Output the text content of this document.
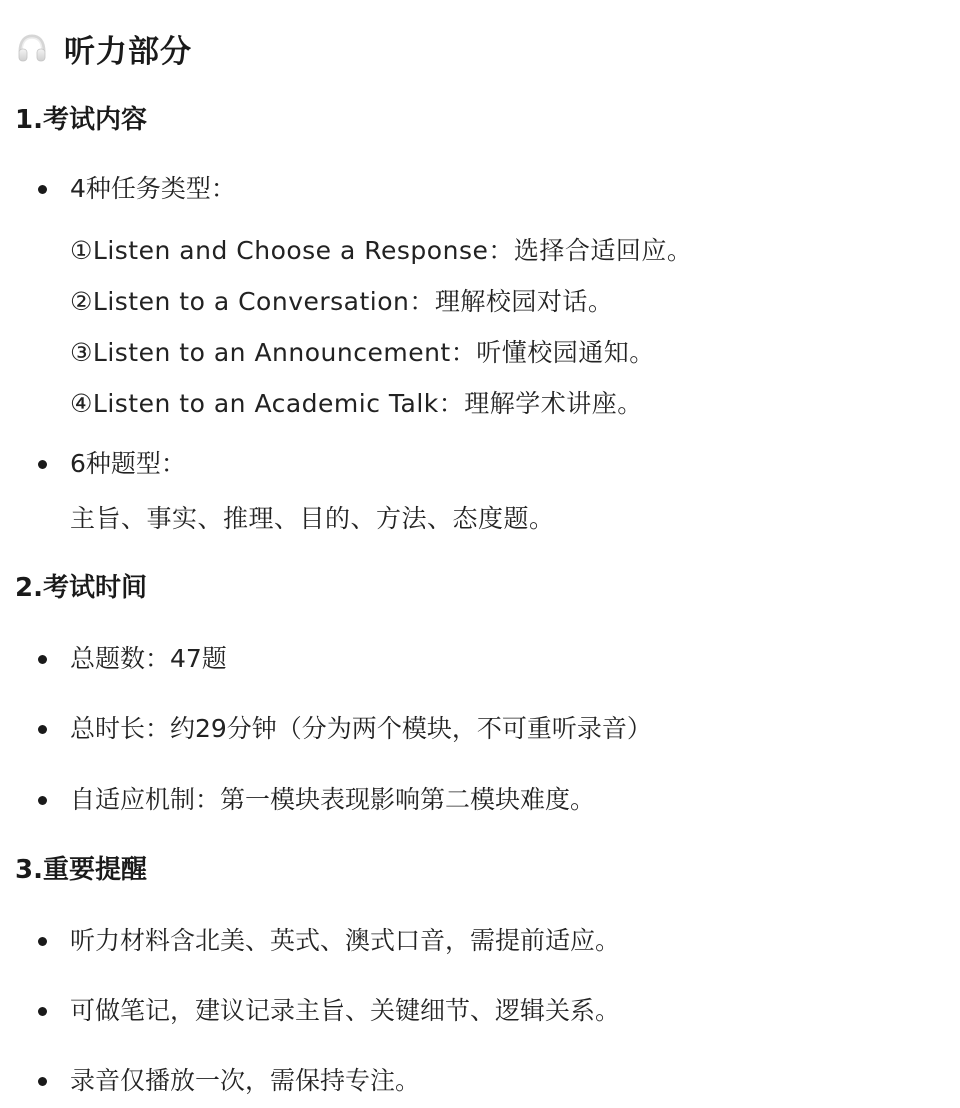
听力部分
1.考试内容
4种任务类型：
①Listen and Choose a Response：选择合适回应。
②Listen to a Conversation：理解校园对话。
③Listen to an Announcement：听懂校园通知。
④Listen to an Academic Talk：理解学术讲座。
6种题型：
主旨、事实、推理、目的、方法、态度题。
2.考试时间
总题数：47题
总时长：约29分钟（分为两个模块，不可重听录音）
自适应机制：第一模块表现影响第二模块难度。
3.重要提醒
听力材料含北美、英式、澳式口音，需提前适应。
可做笔记，建议记录主旨、关键细节、逻辑关系。
录音仅播放一次，需保持专注。
